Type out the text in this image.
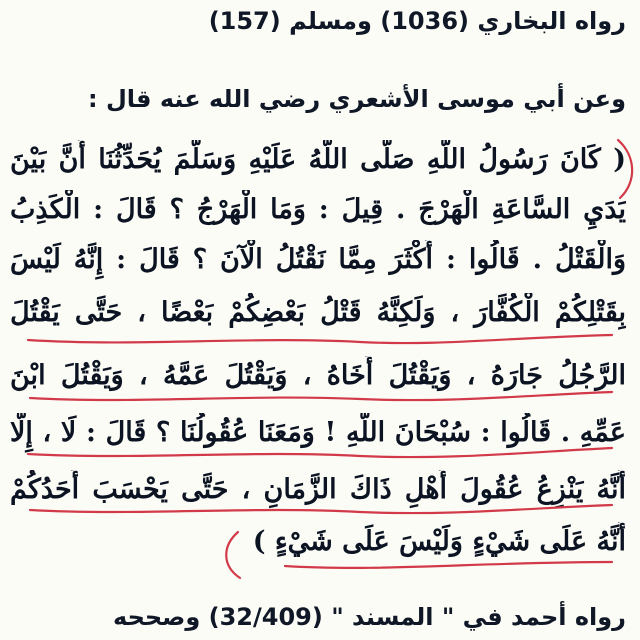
رواه البخاري (1036) ومسلم (157)
وعن أبي موسى الأشعري رضي الله عنه قال :
( كَانَ رَسُولُ اللَّهِ صَلَّى اللَّهُ عَلَيْهِ وَسَلَّمَ يُحَدِّثُنَا أَنَّ بَيْنَ
يَدَيِ السَّاعَةِ الْهَرْجَ . قِيلَ : وَمَا الْهَرْجُ ؟ قَالَ : الْكَذِبُ
وَالْقَتْلُ . قَالُوا : أَكْثَرَ مِمَّا نَقْتُلُ الْآنَ ؟ قَالَ : إِنَّهُ لَيْسَ
بِقَتْلِكُمْ الْكُفَّارَ ، وَلَكِنَّهُ قَتْلُ بَعْضِكُمْ بَعْضًا ، حَتَّى يَقْتُلَ
الرَّجُلُ جَارَهُ ، وَيَقْتُلَ أَخَاهُ ، وَيَقْتُلَ عَمَّهُ ، وَيَقْتُلَ ابْنَ
عَمِّهِ . قَالُوا : سُبْحَانَ اللَّهِ ! وَمَعَنَا عُقُولُنَا ؟ قَالَ : لَا ، إِلَّا
أَنَّهُ يَنْزِعُ عُقُولَ أَهْلِ ذَاكَ الزَّمَانِ ، حَتَّى يَحْسَبَ أَحَدُكُمْ
أَنَّهُ عَلَى شَيْءٍ وَلَيْسَ عَلَى شَيْءٍ )
رواه أحمد في " المسند " (32/409) وصححه
